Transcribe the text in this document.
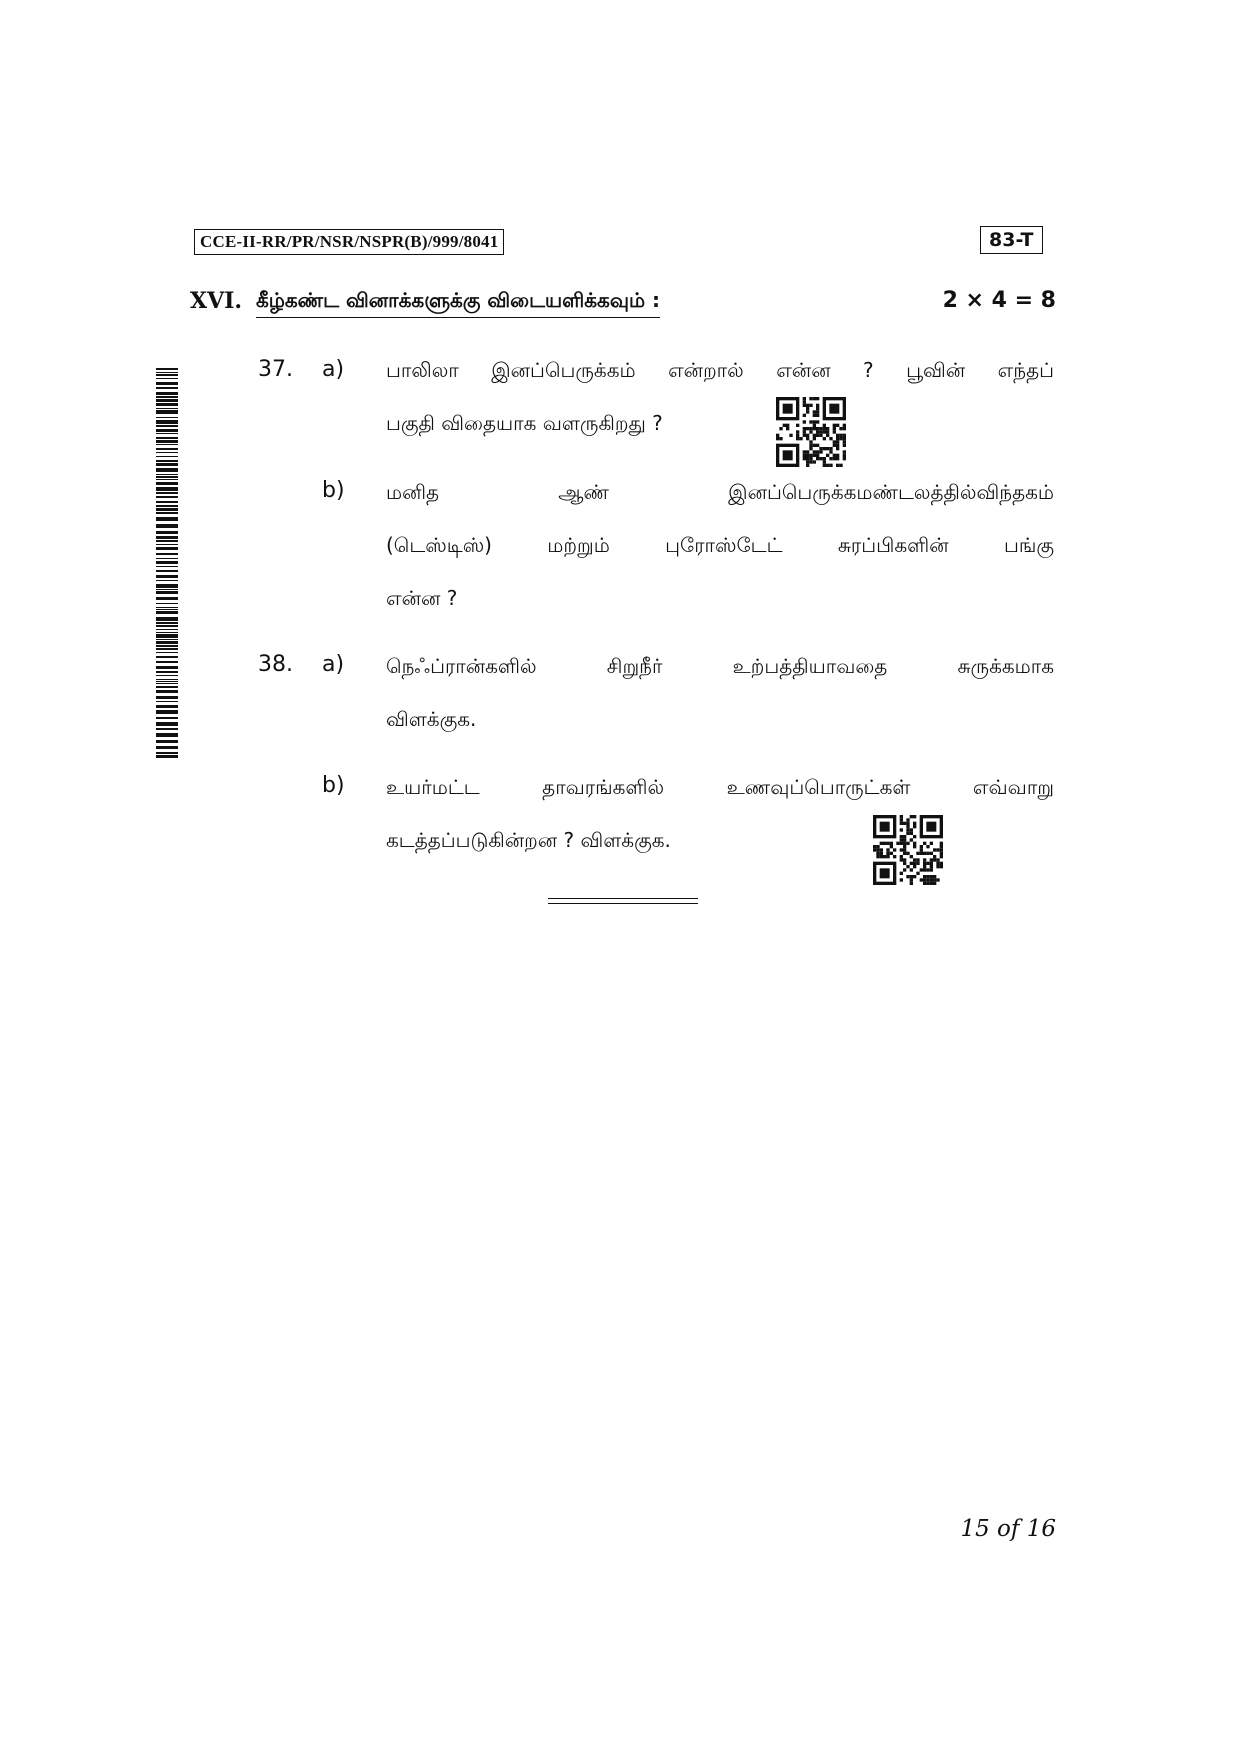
CCE-II-RR/PR/NSR/NSPR(B)/999/8041	83-T
XVI. கீழ்கண்ட வினாக்களுக்கு விடையளிக்கவும் :	2 × 4 = 8
37. a) பாலிலா இனப்பெருக்கம் என்றால் என்ன ? பூவின் எந்தப்
பகுதி விதையாக வளருகிறது ?
b) மனித ஆண் இனப்பெருக்கமண்டலத்தில்விந்தகம்
(டெஸ்டிஸ்) மற்றும் புரோஸ்டேட் சுரப்பிகளின் பங்கு
என்ன ?
38. a) நெஃப்ரான்களில் சிறுநீர் உற்பத்தியாவதை சுருக்கமாக
விளக்குக.
b) உயர்மட்ட தாவரங்களில் உணவுப்பொருட்கள் எவ்வாறு
கடத்தப்படுகின்றன ? விளக்குக.
15 of 16
